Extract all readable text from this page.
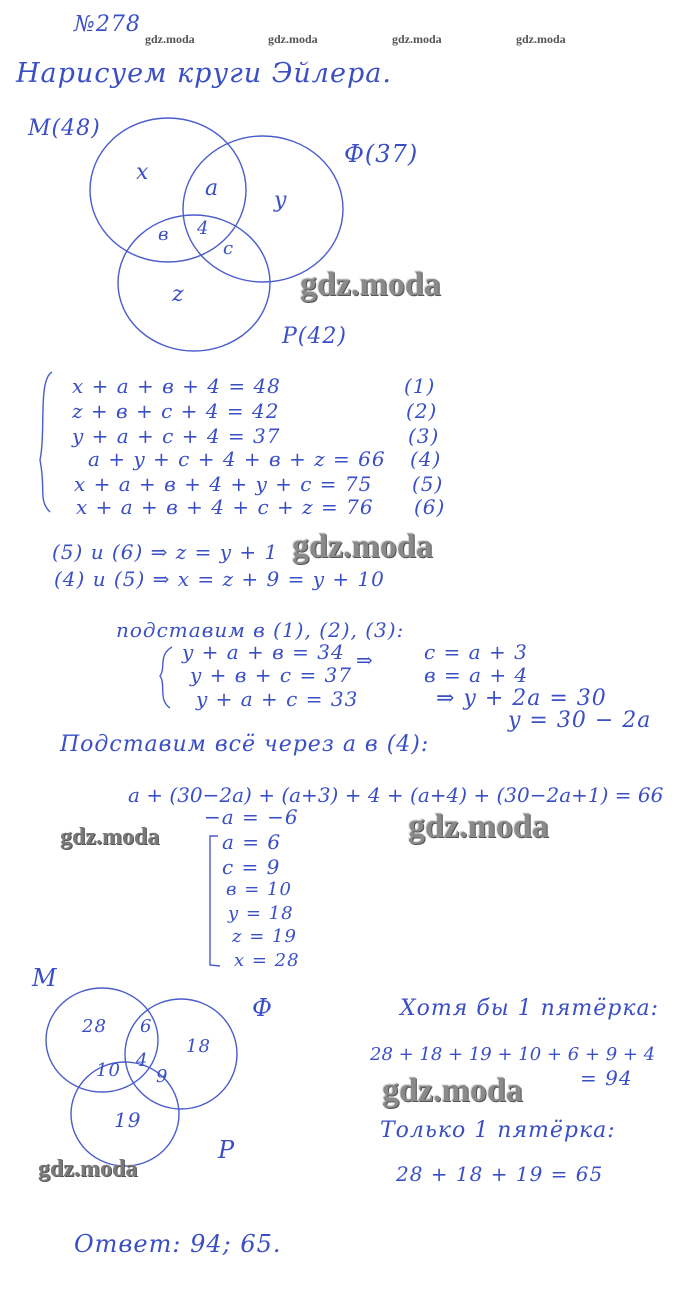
gdz.moda	gdz.moda	gdz.moda	gdz.moda
№278
Нарисуем круги Эйлера.
М(48)
Ф(37)
Р(42)
x
a y
в 4
c
z	gdz.moda
x + a + в + 4 = 48	(1)
z + в + c + 4 = 42	(2)
y + a + c + 4 = 37	(3)
a + y + c + 4 + в + z = 66 (4)
x + a + в + 4 + y + c = 75 (5)
x + a + в + 4 + c + z = 76 (6)
(5) и (6) ⇒ z = y + 1 gdz.moda
(4) и (5) ⇒ x = z + 9 = y + 10
подставим в (1), (2), (3):
y + a + в = 34
y + в + c = 37
y + a + c = 33
⇒	c = a + 3
в = a + 4
⇒ y + 2a = 30
y = 30 − 2a
Подставим всё через a в (4):
a + (30−2a) + (a+3) + 4 + (a+4) + (30−2a+1) = 66
−a = −6
gdz.moda	gdz.moda
a = 6
c = 9
в = 10
y = 18
z = 19
x = 28
М
Ф
Р
28 6
18
10 4
9
19
gdz.moda
Хотя бы 1 пятёрка:
28 + 18 + 19 + 10 + 6 + 9 + 4
= 94
gdz.moda
Только 1 пятёрка:
28 + 18 + 19 = 65
Ответ: 94; 65.
